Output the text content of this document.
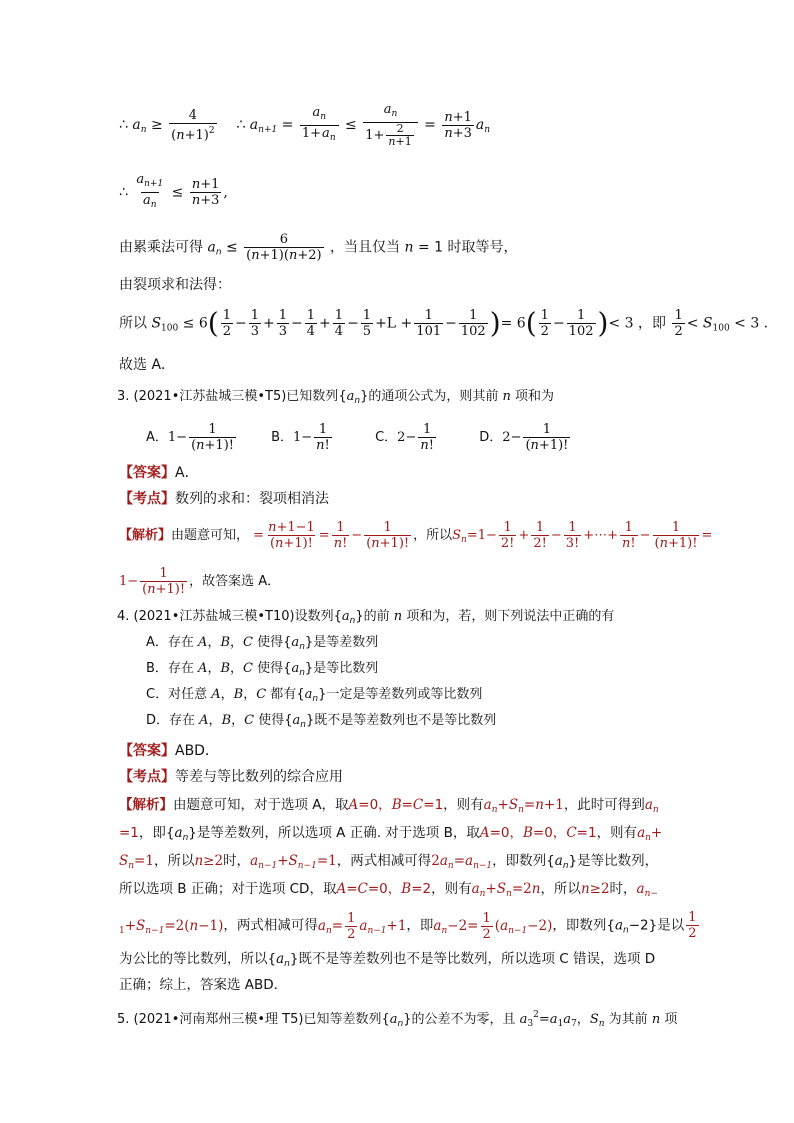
∴ $a_n \ge \frac{4}{(n+1)^2}$ ∴ $a_{n+1} = \frac{a_n}{1+a_n} \le \frac{a_n}{1+ \frac{2}{n+1}} = \frac{n+1}{n+3} a_n$
∴ $\frac{a_{n+1}}{a_n} \le \frac{n+1}{n+3}$ ,
由累乘法可得 $a_n \le \frac{6}{(n+1)(n+2)}$ ，当且仅当 n = 1 时取等号，
由裂项求和法得：
所以 $S_{100} \le 6( \frac{1}{2} - \frac{1}{3} + \frac{1}{3} - \frac{1}{4} + \frac{1}{4} - \frac{1}{5} +L + \frac{1}{101} - \frac{1}{102}$ )= $6( \frac{1}{2} - \frac{1}{102}$ )< 3 ，即 $\frac{1}{2} < S_{100} < 3$ .
故选 A．
3. (2021•江苏盐城三模•T5)已知数列$\{a_n\}$的通项公式为，则其前 n 项和为
A．$1- \frac{1}{(n+1)!}$	B．$1- \frac{1}{n!}$	C．$2- \frac{1}{n!}$	D．$2- \frac{1}{(n+1)!}$
【答案】A．
【考点】数列的求和：裂项相消法
【解析】由题意可知， = $\frac{n+1-1}{(n+1)!} = \frac{1}{n!} - \frac{1}{(n+1)!}$ ，所以$S_n=1- \frac{1}{2!} + \frac{1}{2!} - \frac{1}{3!}$ +⋯+ $\frac{1}{n!} - \frac{1}{(n+1)!}$ =
$1- \frac{1}{(n+1)!}$ ，故答案选 A．
4. (2021•江苏盐城三模•T10)设数列$\{a_n\}$的前 n 项和为，若，则下列说法中正确的有
A．存在 A，B，C 使得$\{a_n\}$是等差数列
B．存在 A，B，C 使得$\{a_n\}$是等比数列
C．对任意 A，B，C 都有$\{a_n\}$一定是等差数列或等比数列
D．存在 A，B，C 使得$\{a_n\}$既不是等差数列也不是等比数列
【答案】ABD．
【考点】等差与等比数列的综合应用
【解析】由题意可知，对于选项 A，取A=0，B=C=1，则有$a_n+S_n=n+1$，此时可得到$a_n$
=1，即$\{a_n\}$是等差数列，所以选项 A 正确. 对于选项 B，取A=0，B=0，C=1，则有$a_n+$
$S_n=1$，所以n≥2时，$a_{n-1}+S_{n-1}=1$，两式相减可得$2a_n=a_{n-1}$，即数列$\{a_n\}$是等比数列，
所以选项 B 正确；对于选项 CD，取A=C=0，B=2，则有$a_n+S_n=2n$，所以n≥2时，$a_{n-}$
$_1+S_{n-1}=2(n-1)$，两式相减可得$a_n= \frac{1}{2} a_{n-1}+1$，即$a_n-2= \frac{1}{2} (a_{n-1}-2)$，即数列$\{a_n-2\}$是以 $\frac{1}{2}$
为公比的等比数列，所以$\{a_n\}$既不是等差数列也不是等比数列，所以选项 C 错误，选项 D
正确；综上，答案选 ABD．
5. (2021•河南郑州三模•理 T5)已知等差数列$\{a_n\}$的公差不为零，且 $a_3^2=a_1a_7$，$S_n$ 为其前 n 项
